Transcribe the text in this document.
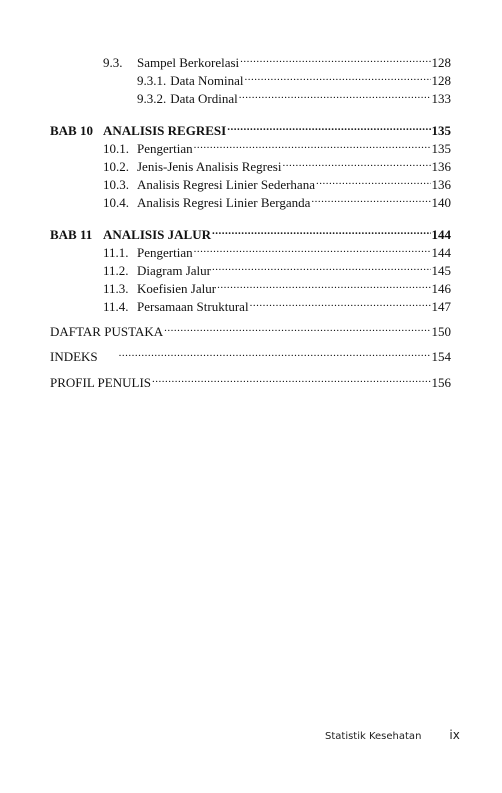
9.3.	Sampel Berkorelasi .....	128
9.3.1. Data Nominal .....	128
9.3.2. Data Ordinal .....	133
BAB 10 ANALISIS REGRESI .....	135
10.1. Pengertian .....	135
10.2. Jenis-Jenis Analisis Regresi .....	136
10.3. Analisis Regresi Linier Sederhana .....	136
10.4. Analisis Regresi Linier Berganda .....	140
BAB 11 ANALISIS JALUR .....	144
11.1. Pengertian .....	144
11.2. Diagram Jalur .....	145
11.3. Koefisien Jalur .....	146
11.4. Persamaan Struktural .....	147
DAFTAR PUSTAKA .....	150
INDEKS .....	154
PROFIL PENULIS .....	156
Statistik Kesehatan ix
